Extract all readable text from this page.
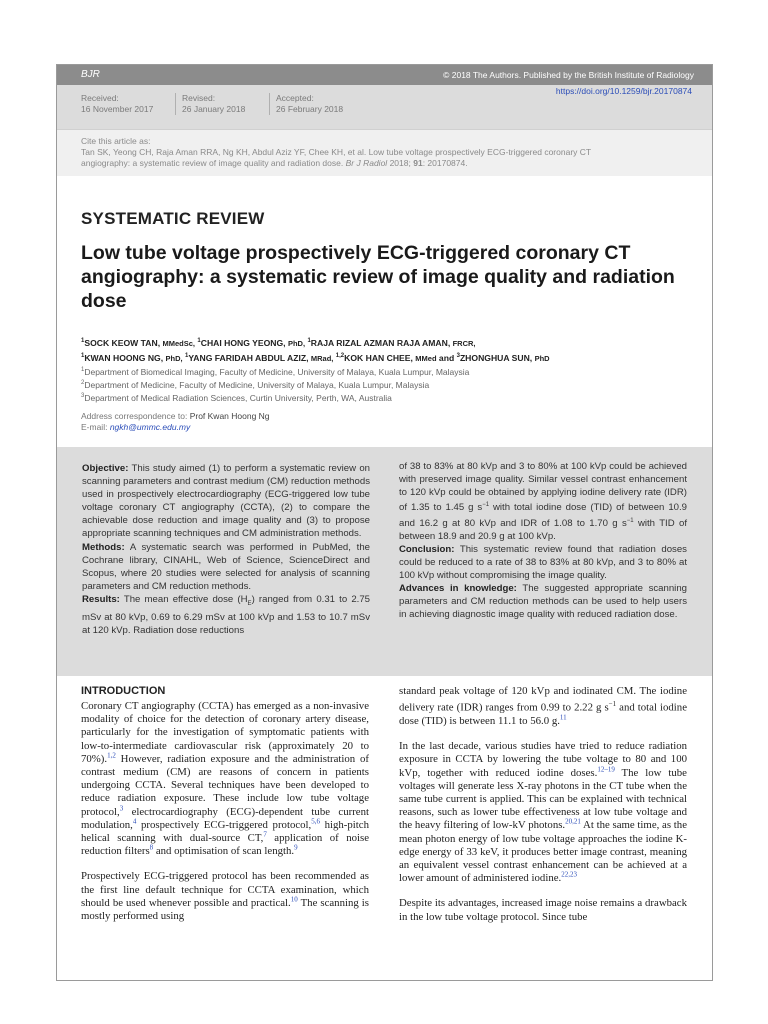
BJR	© 2018 The Authors. Published by the British Institute of Radiology
Received:
16 November 2017
Revised:
26 January 2018
Accepted:
26 February 2018
https://doi.org/10.1259/bjr.20170874
Cite this article as:
Tan SK, Yeong CH, Raja Aman RRA, Ng KH, Abdul Aziz YF, Chee KH, et al. Low tube voltage prospectively ECG-triggered coronary CT
angiography: a systematic review of image quality and radiation dose. Br J Radiol 2018; 91: 20170874.
SYSTEMATIC REVIEW
Low tube voltage prospectively ECG-triggered coronary CT angiography: a systematic review of image quality and radiation dose
$^1$SOCK KEOW TAN, MMedSc, $^1$CHAI HONG YEONG, PhD, $^1$RAJA RIZAL AZMAN RAJA AMAN, FRCR,
$^1$KWAN HOONG NG, PhD, $^1$YANG FARIDAH ABDUL AZIZ, MRad, $^{1,2}$KOK HAN CHEE, MMed and $^3$ZHONGHUA SUN, PhD
$^1$Department of Biomedical Imaging, Faculty of Medicine, University of Malaya, Kuala Lumpur, Malaysia
$^2$Department of Medicine, Faculty of Medicine, University of Malaya, Kuala Lumpur, Malaysia
$^3$Department of Medical Radiation Sciences, Curtin University, Perth, WA, Australia
Address correspondence to: Prof Kwan Hoong Ng
E-mail: ngkh@ummc.edu.my
Objective: This study aimed (1) to perform a systematic review on scanning parameters and contrast medium (CM) reduction methods used in prospectively electrocardiography (ECG-triggered low tube voltage coronary CT angiography (CCTA), (2) to compare the achievable dose reduction and image quality and (3) to propose appropriate scanning techniques and CM administration methods.
Methods: A systematic search was performed in PubMed, the Cochrane library, CINAHL, Web of Science, ScienceDirect and Scopus, where 20 studies were selected for analysis of scanning parameters and CM reduction methods.
Results: The mean effective dose $(H_E)$ ranged from 0.31 to 2.75 mSv at 80 kVp, 0.69 to 6.29 mSv at 100 kVp and 1.53 to 10.7 mSv at 120 kVp. Radiation dose reductions
of 38 to 83% at 80 kVp and 3 to 80% at 100 kVp could be achieved with preserved image quality. Similar vessel contrast enhancement to 120 kVp could be obtained by applying iodine delivery rate (IDR) of 1.35 to 1.45 g $s^{-1}$ with total iodine dose (TID) of between 10.9 and 16.2 g at 80 kVp and IDR of 1.08 to 1.70 g $s^{-1}$ with TID of between 18.9 and 20.9 g at 100 kVp.
Conclusion: This systematic review found that radiation doses could be reduced to a rate of 38 to 83% at 80 kVp, and 3 to 80% at 100 kVp without compromising the image quality.
Advances in knowledge: The suggested appropriate scanning parameters and CM reduction methods can be used to help users in achieving diagnostic image quality with reduced radiation dose.
INTRODUCTION

Coronary CT angiography (CCTA) has emerged as a non-invasive modality of choice for the detection of coronary artery disease, particularly for the investigation of symptomatic patients with low-to-intermediate cardiovascular risk (approximately 20 to 70%).$^{1,2}$ However, radiation exposure and the administration of contrast medium (CM) are reasons of concern in patients undergoing CCTA. Several techniques have been developed to reduce radiation exposure. These include low tube voltage protocol,$^3$ electrocardiography (ECG)-dependent tube current modulation,$^4$ prospectively ECG-triggered protocol,$^{5,6}$ high-pitch helical scanning with dual-source CT,$^7$ application of noise reduction filters$^8$ and optimisation of scan length.$^9$

Prospectively ECG-triggered protocol has been recommended as the first line default technique for CCTA examination, which should be used whenever possible and practical.$^{10}$ The scanning is mostly performed using

standard peak voltage of 120 kVp and iodinated CM. The iodine delivery rate (IDR) ranges from 0.99 to 2.22 g $s^{-1}$ and total iodine dose (TID) is between 11.1 to 56.0 g.$^{11}$

In the last decade, various studies have tried to reduce radiation exposure in CCTA by lowering the tube voltage to 80 and 100 kVp, together with reduced iodine doses.$^{12-19}$ The low tube voltages will generate less X-ray photons in the CT tube when the same tube current is applied. This can be explained with technical reasons, such as lower tube effectiveness at low tube voltage and the heavy filtering of low-kV photons.$^{20,21}$ At the same time, as the mean photon energy of low tube voltage approaches the iodine K-edge energy of 33 keV, it produces better image contrast, meaning an equivalent vessel contrast enhancement can be achieved at a lower amount of administered iodine.$^{22,23}$

Despite its advantages, increased image noise remains a drawback in the low tube voltage protocol. Since tube
